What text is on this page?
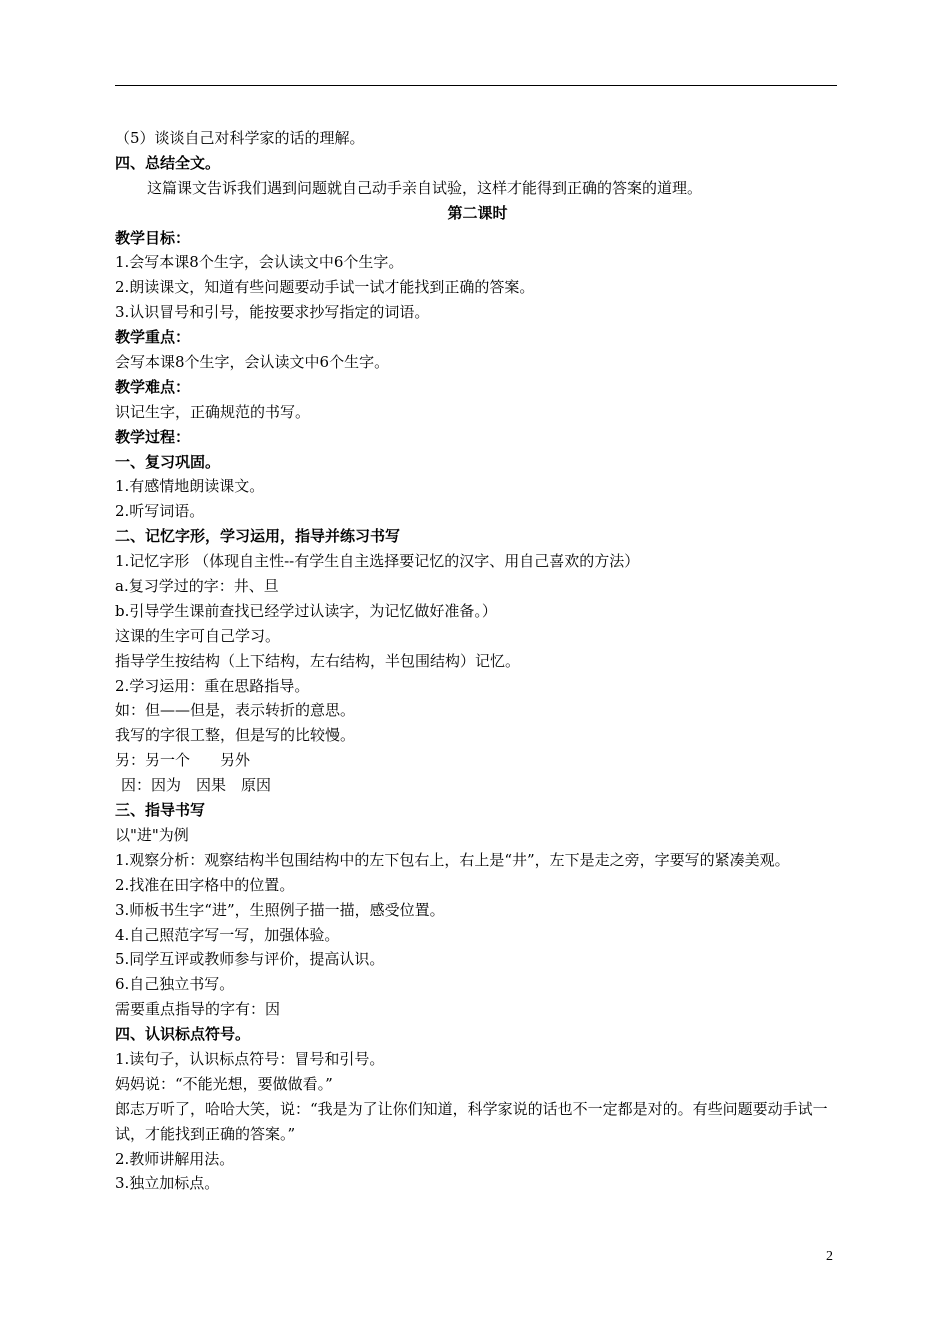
（5）谈谈自己对科学家的话的理解。
四、总结全文。
这篇课文告诉我们遇到问题就自己动手亲自试验，这样才能得到正确的答案的道理。
第二课时
教学目标：
1.会写本课8个生字，会认读文中6个生字。
2.朗读课文，知道有些问题要动手试一试才能找到正确的答案。
3.认识冒号和引号，能按要求抄写指定的词语。
教学重点：
会写本课8个生字，会认读文中6个生字。
教学难点：
识记生字，正确规范的书写。
教学过程：
一、复习巩固。
1.有感情地朗读课文。
2.听写词语。
二、记忆字形，学习运用，指导并练习书写
1.记忆字形 （体现自主性--有学生自主选择要记忆的汉字、用自己喜欢的方法）
a.复习学过的字：井、旦
b.引导学生课前查找已经学过认读字，为记忆做好准备。）
这课的生字可自己学习。
指导学生按结构（上下结构，左右结构，半包围结构）记忆。
2.学习运用：重在思路指导。
如：但——但是，表示转折的意思。
我写的字很工整，但是写的比较慢。
另：另一个　　另外
因：因为　因果　原因
三、指导书写
以"进"为例
1.观察分析：观察结构半包围结构中的左下包右上，右上是“井”，左下是走之旁，字要写的紧凑美观。
2.找准在田字格中的位置。
3.师板书生字“进”，生照例子描一描，感受位置。
4.自己照范字写一写，加强体验。
5.同学互评或教师参与评价，提高认识。
6.自己独立书写。
需要重点指导的字有：因
四、认识标点符号。
1.读句子，认识标点符号：冒号和引号。
妈妈说：“不能光想，要做做看。”
郎志万听了，哈哈大笑，说：“我是为了让你们知道，科学家说的话也不一定都是对的。有些问题要动手试一试，才能找到正确的答案。”
2.教师讲解用法。
3.独立加标点。
2
